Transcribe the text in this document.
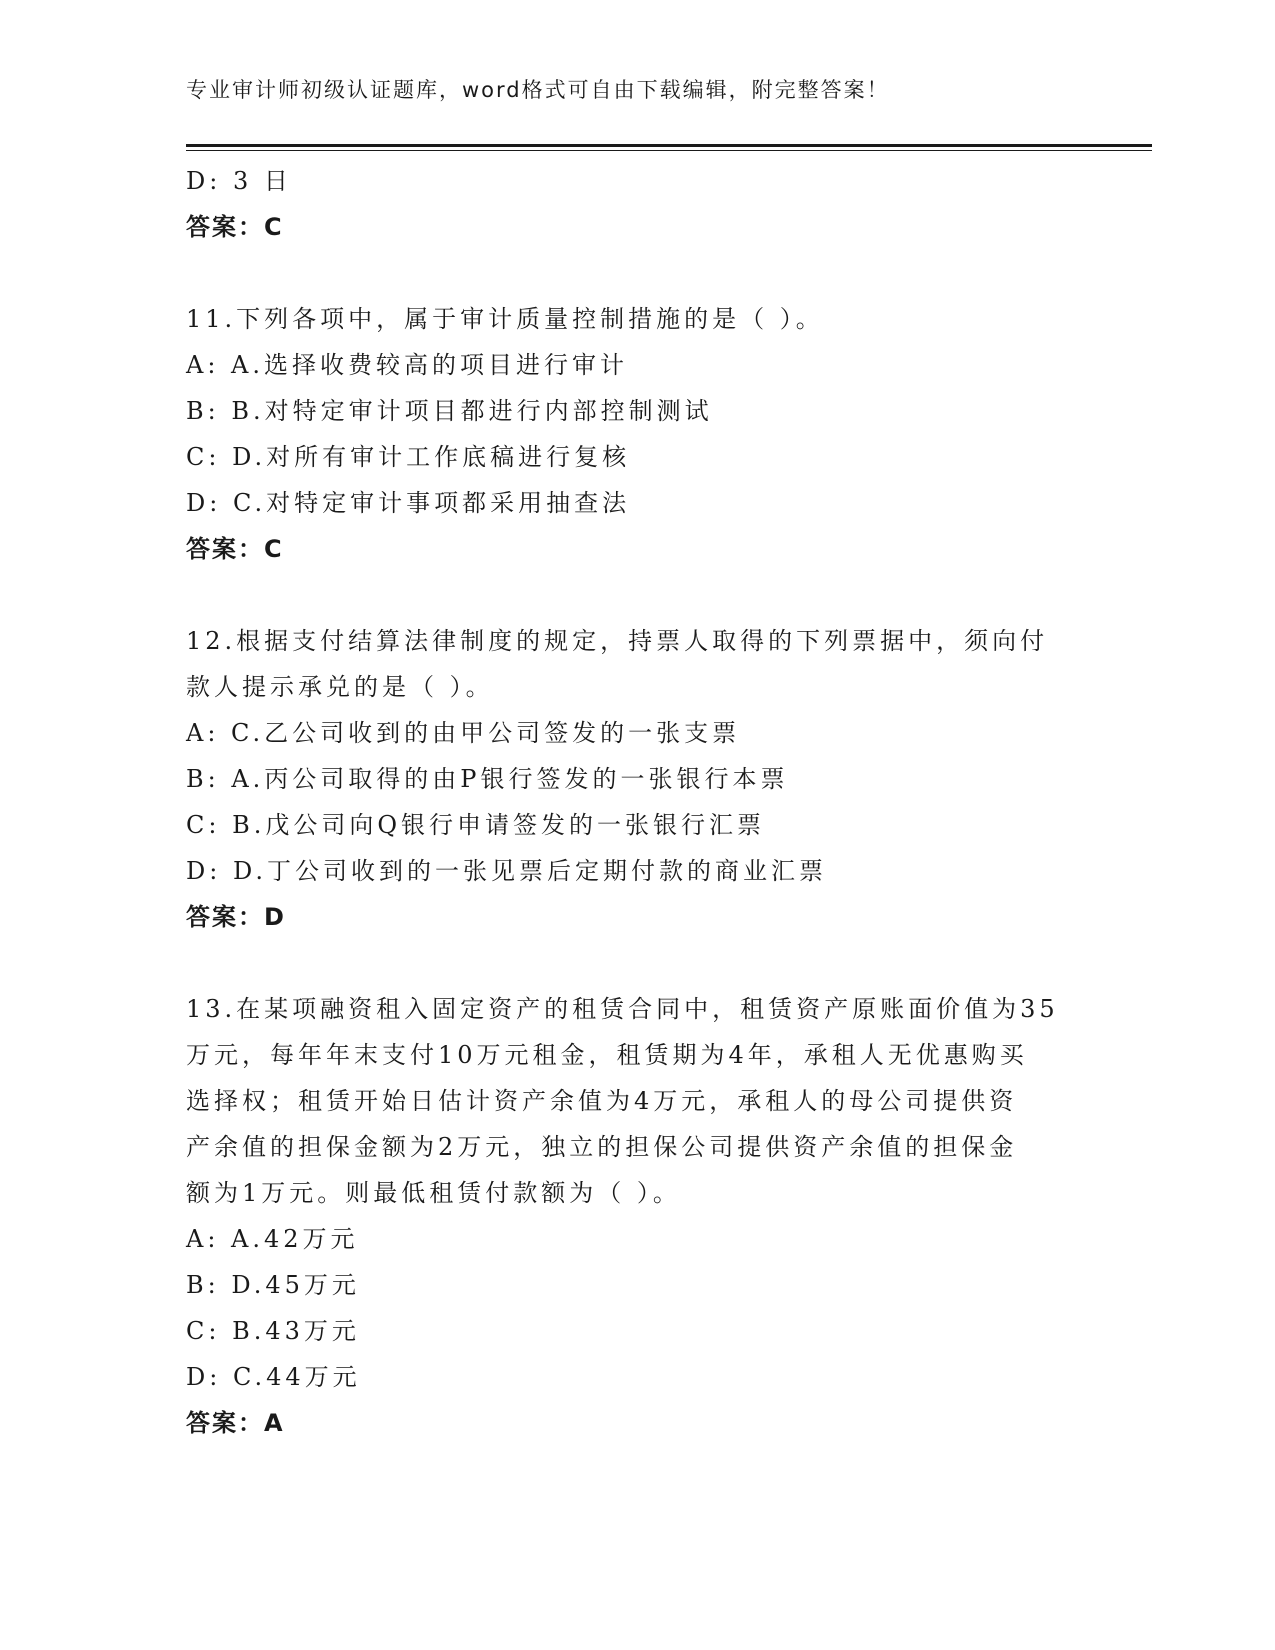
专业审计师初级认证题库，word格式可自由下载编辑，附完整答案！
D: 3 日
答案：C
11.下列各项中，属于审计质量控制措施的是（ ）。
A: A.选择收费较高的项目进行审计
B: B.对特定审计项目都进行内部控制测试
C: D.对所有审计工作底稿进行复核
D: C.对特定审计事项都采用抽查法
答案：C
12.根据支付结算法律制度的规定，持票人取得的下列票据中，须向付
款人提示承兑的是（ ）。
A: C.乙公司收到的由甲公司签发的一张支票
B: A.丙公司取得的由P银行签发的一张银行本票
C: B.戊公司向Q银行申请签发的一张银行汇票
D: D.丁公司收到的一张见票后定期付款的商业汇票
答案：D
13.在某项融资租入固定资产的租赁合同中，租赁资产原账面价值为35
万元，每年年末支付10万元租金，租赁期为4年，承租人无优惠购买
选择权；租赁开始日估计资产余值为4万元，承租人的母公司提供资
产余值的担保金额为2万元，独立的担保公司提供资产余值的担保金
额为1万元。则最低租赁付款额为（ ）。
A: A.42万元
B: D.45万元
C: B.43万元
D: C.44万元
答案：A
